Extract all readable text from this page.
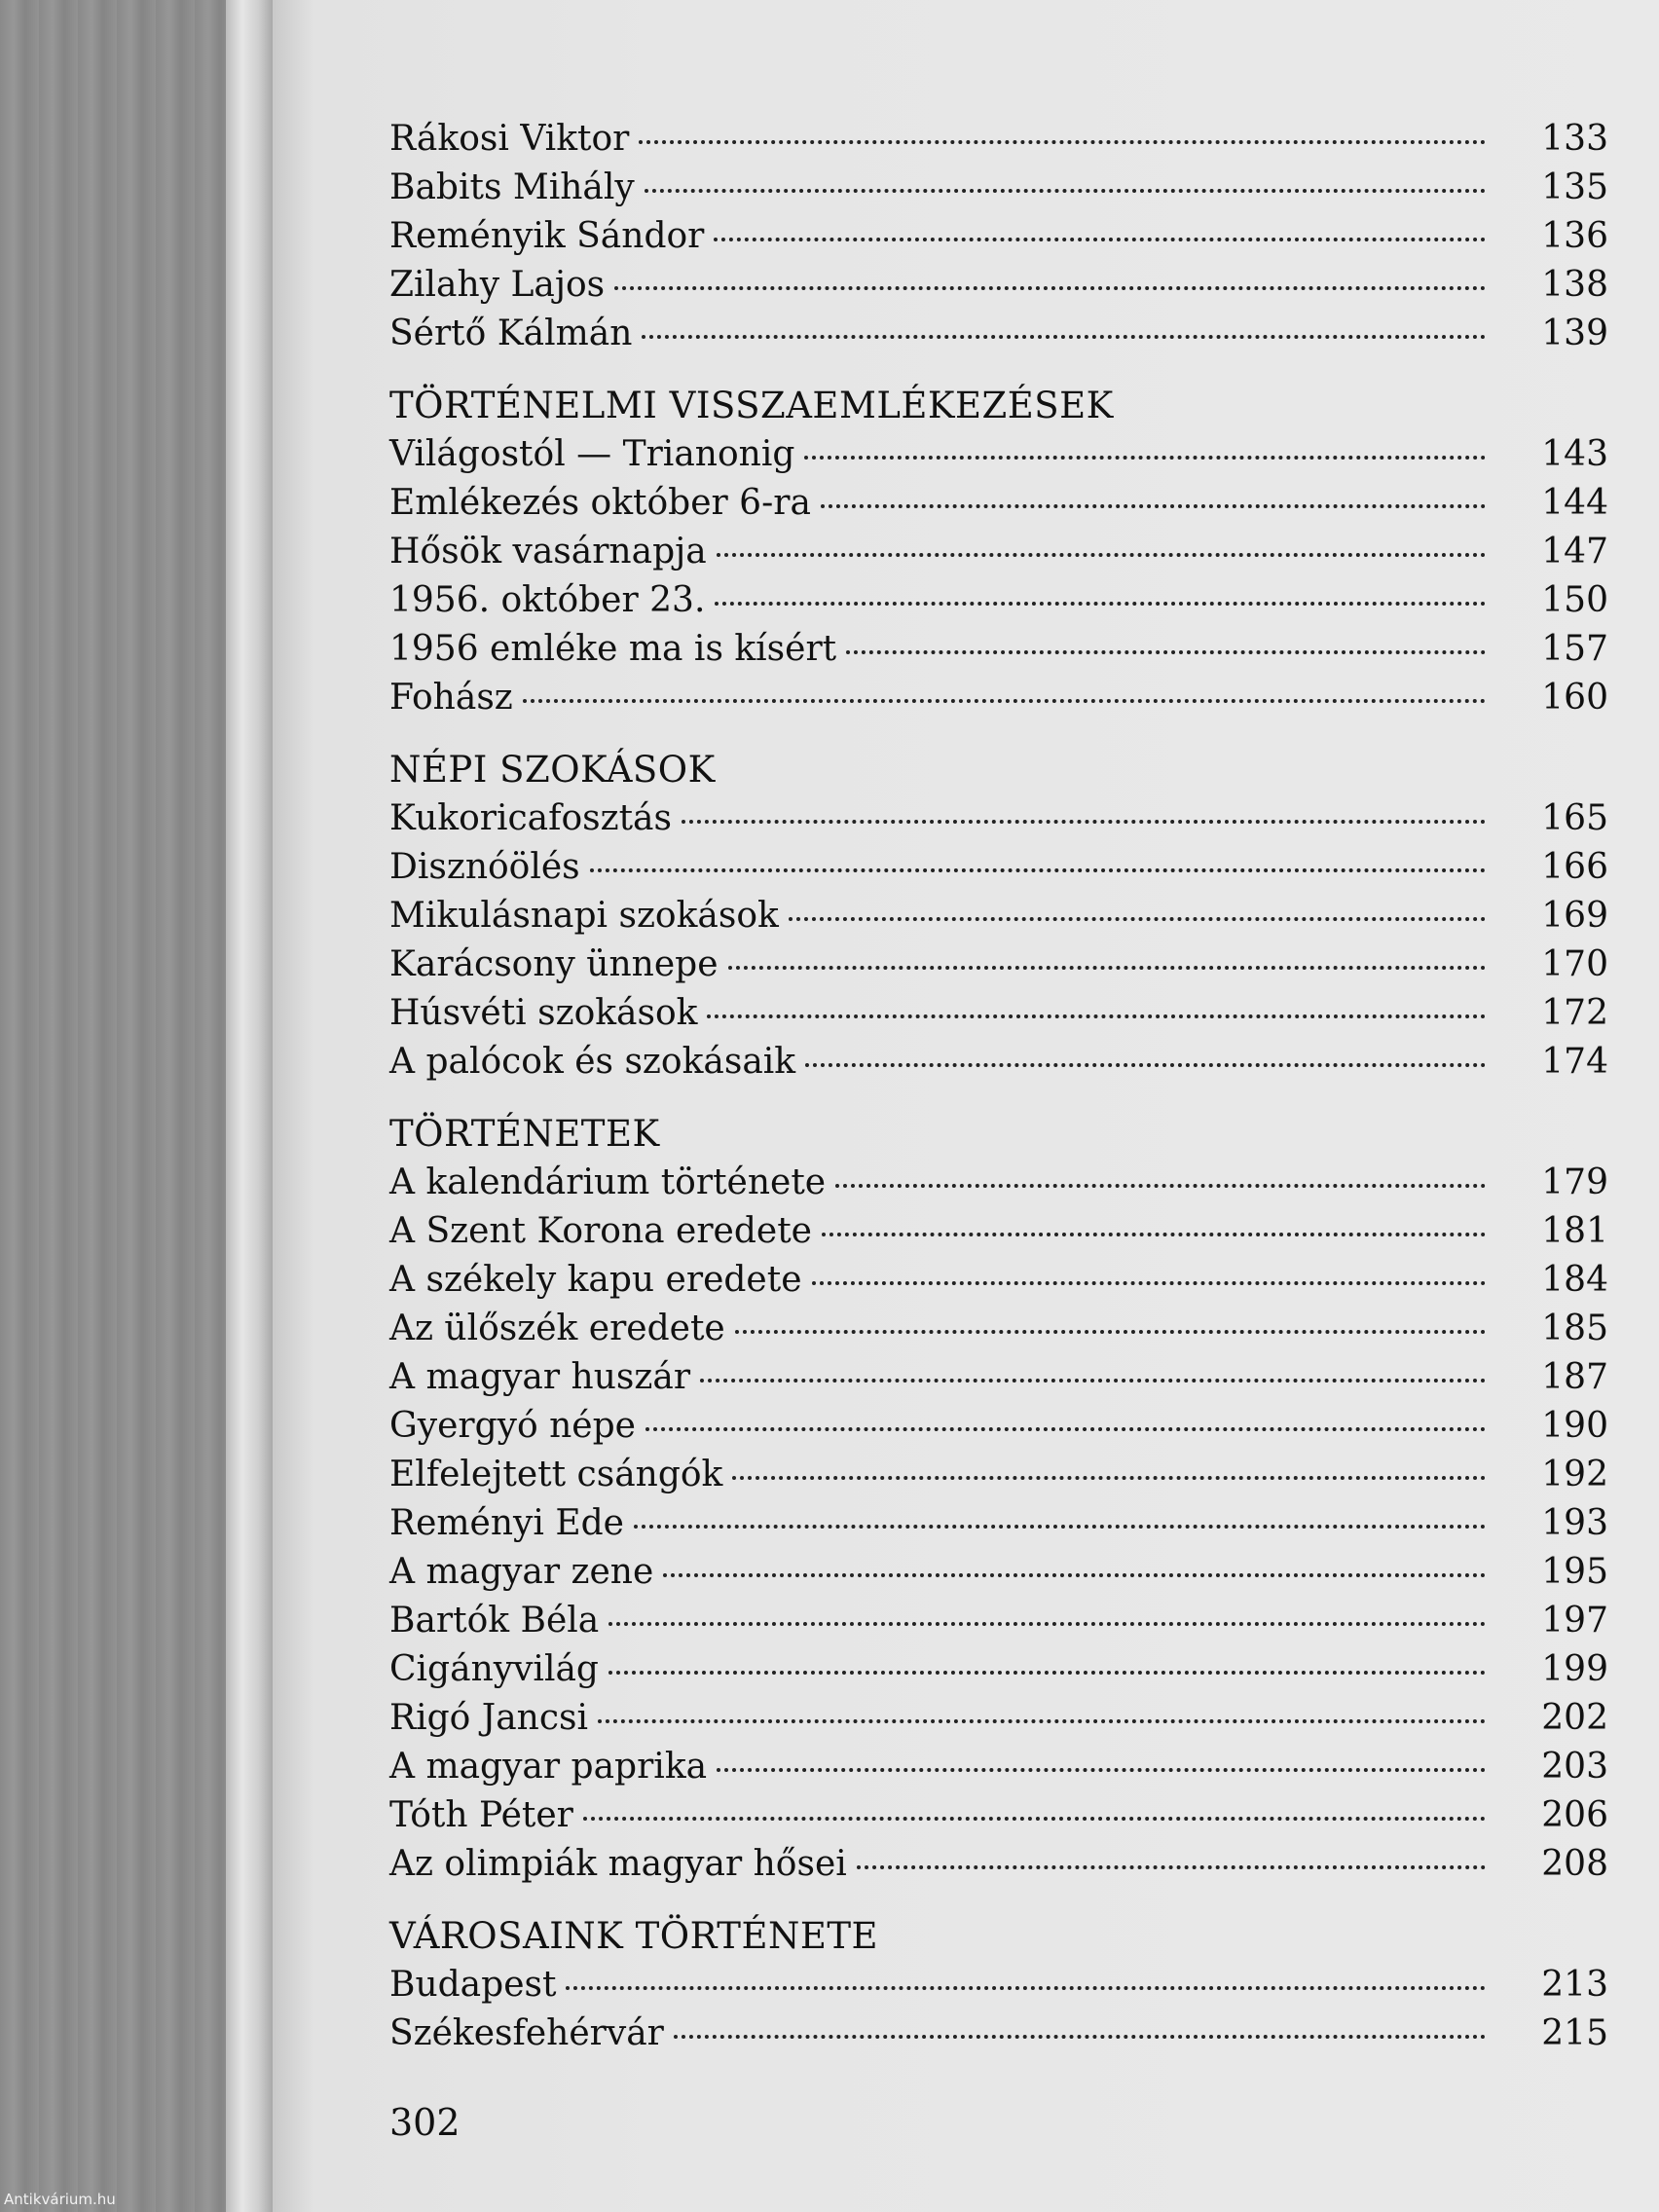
Rákosi Viktor	133
Babits Mihály	135
Reményik Sándor	136
Zilahy Lajos	138
Sértő Kálmán	139
TÖRTÉNELMI VISSZAEMLÉKEZÉSEK
Világostól — Trianonig	143
Emlékezés október 6-ra	144
Hősök vasárnapja	147
1956. október 23.	150
1956 emléke ma is kísért	157
Fohász	160
NÉPI SZOKÁSOK
Kukoricafosztás	165
Disznóölés	166
Mikulásnapi szokások	169
Karácsony ünnepe	170
Húsvéti szokások	172
A palócok és szokásaik	174
TÖRTÉNETEK
A kalendárium története	179
A Szent Korona eredete	181
A székely kapu eredete	184
Az ülőszék eredete	185
A magyar huszár	187
Gyergyó népe	190
Elfelejtett csángók	192
Reményi Ede	193
A magyar zene	195
Bartók Béla	197
Cigányvilág	199
Rigó Jancsi	202
A magyar paprika	203
Tóth Péter	206
Az olimpiák magyar hősei	208
VÁROSAINK TÖRTÉNETE
Budapest	213
Székesfehérvár	215
302
Antikvárium.hu
